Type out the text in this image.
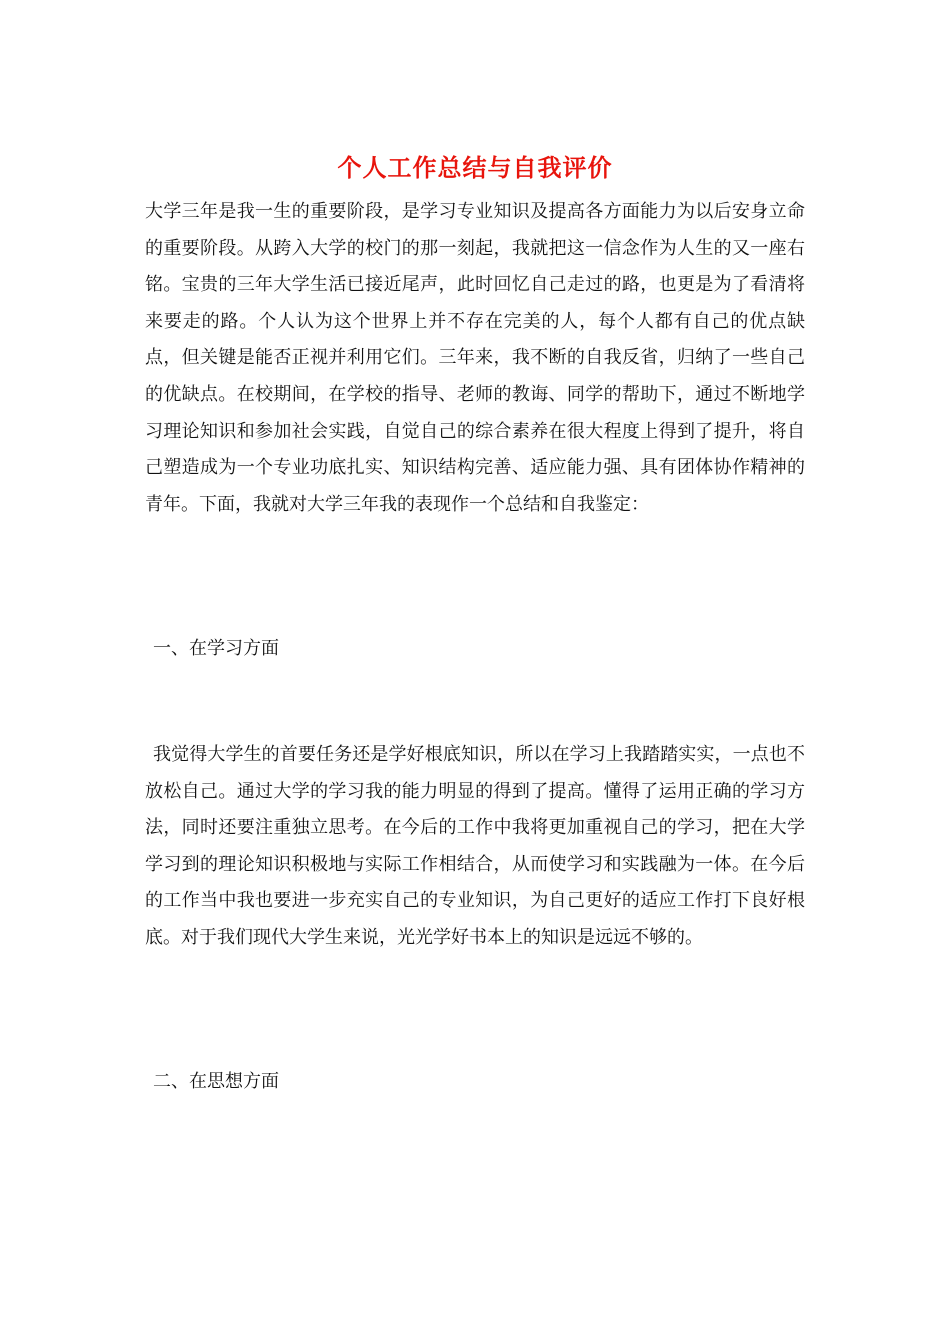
个人工作总结与自我评价

大学三年是我一生的重要阶段，是学习专业知识及提高各方面能力为以后安身立命的重要阶段。从跨入大学的校门的那一刻起，我就把这一信念作为人生的又一座右铭。宝贵的三年大学生活已接近尾声，此时回忆自己走过的路，也更是为了看清将来要走的路。个人认为这个世界上并不存在完美的人，每个人都有自己的优点缺点，但关键是能否正视并利用它们。三年来，我不断的自我反省，归纳了一些自己的优缺点。在校期间，在学校的指导、老师的教诲、同学的帮助下，通过不断地学习理论知识和参加社会实践，自觉自己的综合素养在很大程度上得到了提升，将自己塑造成为一个专业功底扎实、知识结构完善、适应能力强、具有团体协作精神的青年。下面，我就对大学三年我的表现作一个总结和自我鉴定：

一、在学习方面

我觉得大学生的首要任务还是学好根底知识，所以在学习上我踏踏实实，一点也不放松自己。通过大学的学习我的能力明显的得到了提高。懂得了运用正确的学习方法，同时还要注重独立思考。在今后的工作中我将更加重视自己的学习，把在大学学习到的理论知识积极地与实际工作相结合，从而使学习和实践融为一体。在今后的工作当中我也要进一步充实自己的专业知识，为自己更好的适应工作打下良好根底。对于我们现代大学生来说，光光学好书本上的知识是远远不够的。

二、在思想方面
